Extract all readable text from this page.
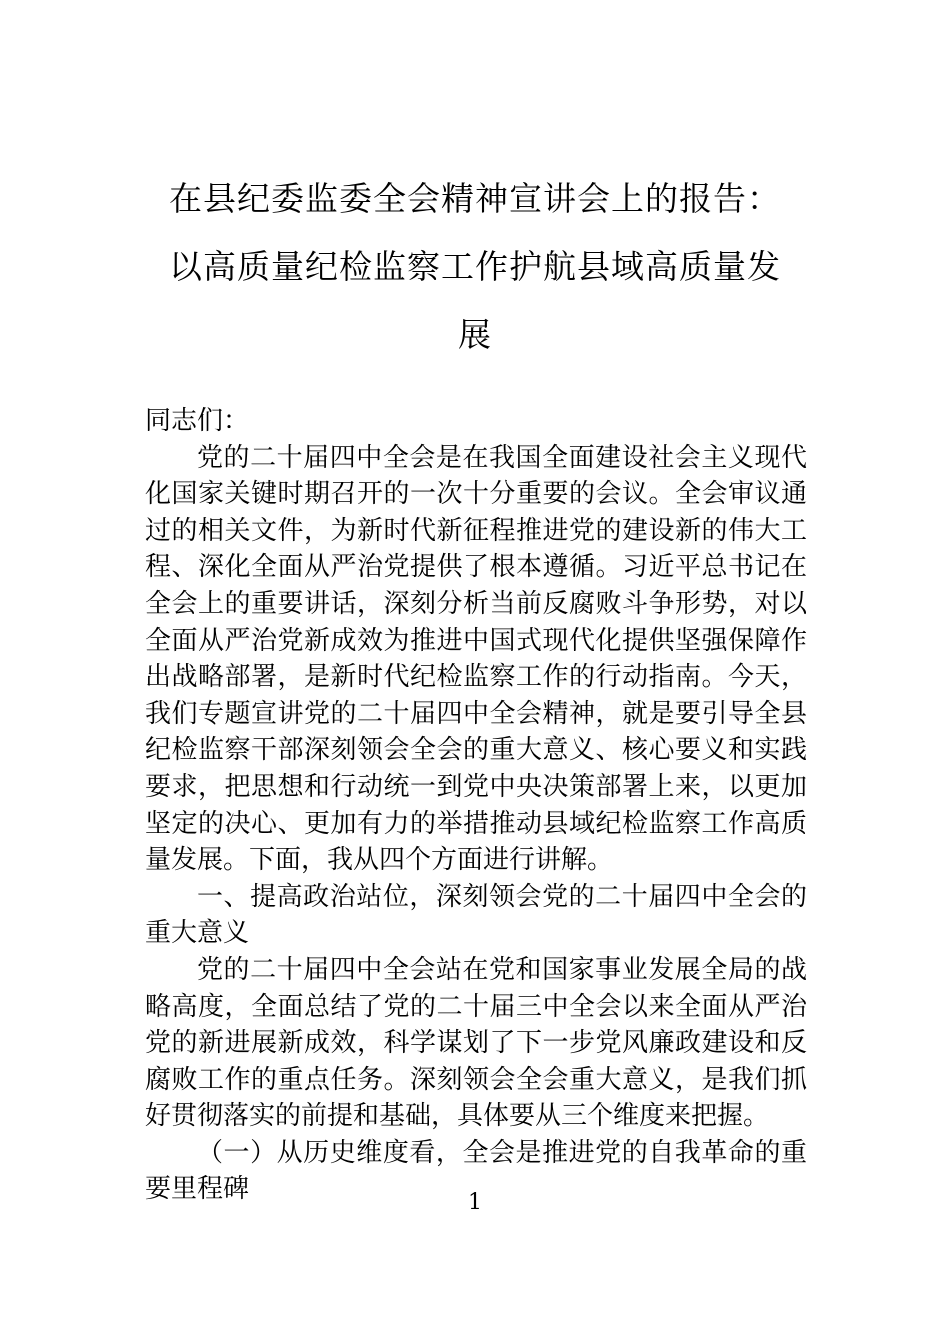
在县纪委监委全会精神宣讲会上的报告：
以高质量纪检监察工作护航县域高质量发
展

同志们：

党的二十届四中全会是在我国全面建设社会主义现代化国家关键时期召开的一次十分重要的会议。全会审议通过的相关文件，为新时代新征程推进党的建设新的伟大工程、深化全面从严治党提供了根本遵循。习近平总书记在全会上的重要讲话，深刻分析当前反腐败斗争形势，对以全面从严治党新成效为推进中国式现代化提供坚强保障作出战略部署，是新时代纪检监察工作的行动指南。今天，我们专题宣讲党的二十届四中全会精神，就是要引导全县纪检监察干部深刻领会全会的重大意义、核心要义和实践要求，把思想和行动统一到党中央决策部署上来，以更加坚定的决心、更加有力的举措推动县域纪检监察工作高质量发展。下面，我从四个方面进行讲解。

一、提高政治站位，深刻领会党的二十届四中全会的重大意义

党的二十届四中全会站在党和国家事业发展全局的战略高度，全面总结了党的二十届三中全会以来全面从严治党的新进展新成效，科学谋划了下一步党风廉政建设和反腐败工作的重点任务。深刻领会全会重大意义，是我们抓好贯彻落实的前提和基础，具体要从三个维度来把握。

（一）从历史维度看，全会是推进党的自我革命的重要里程碑	1
